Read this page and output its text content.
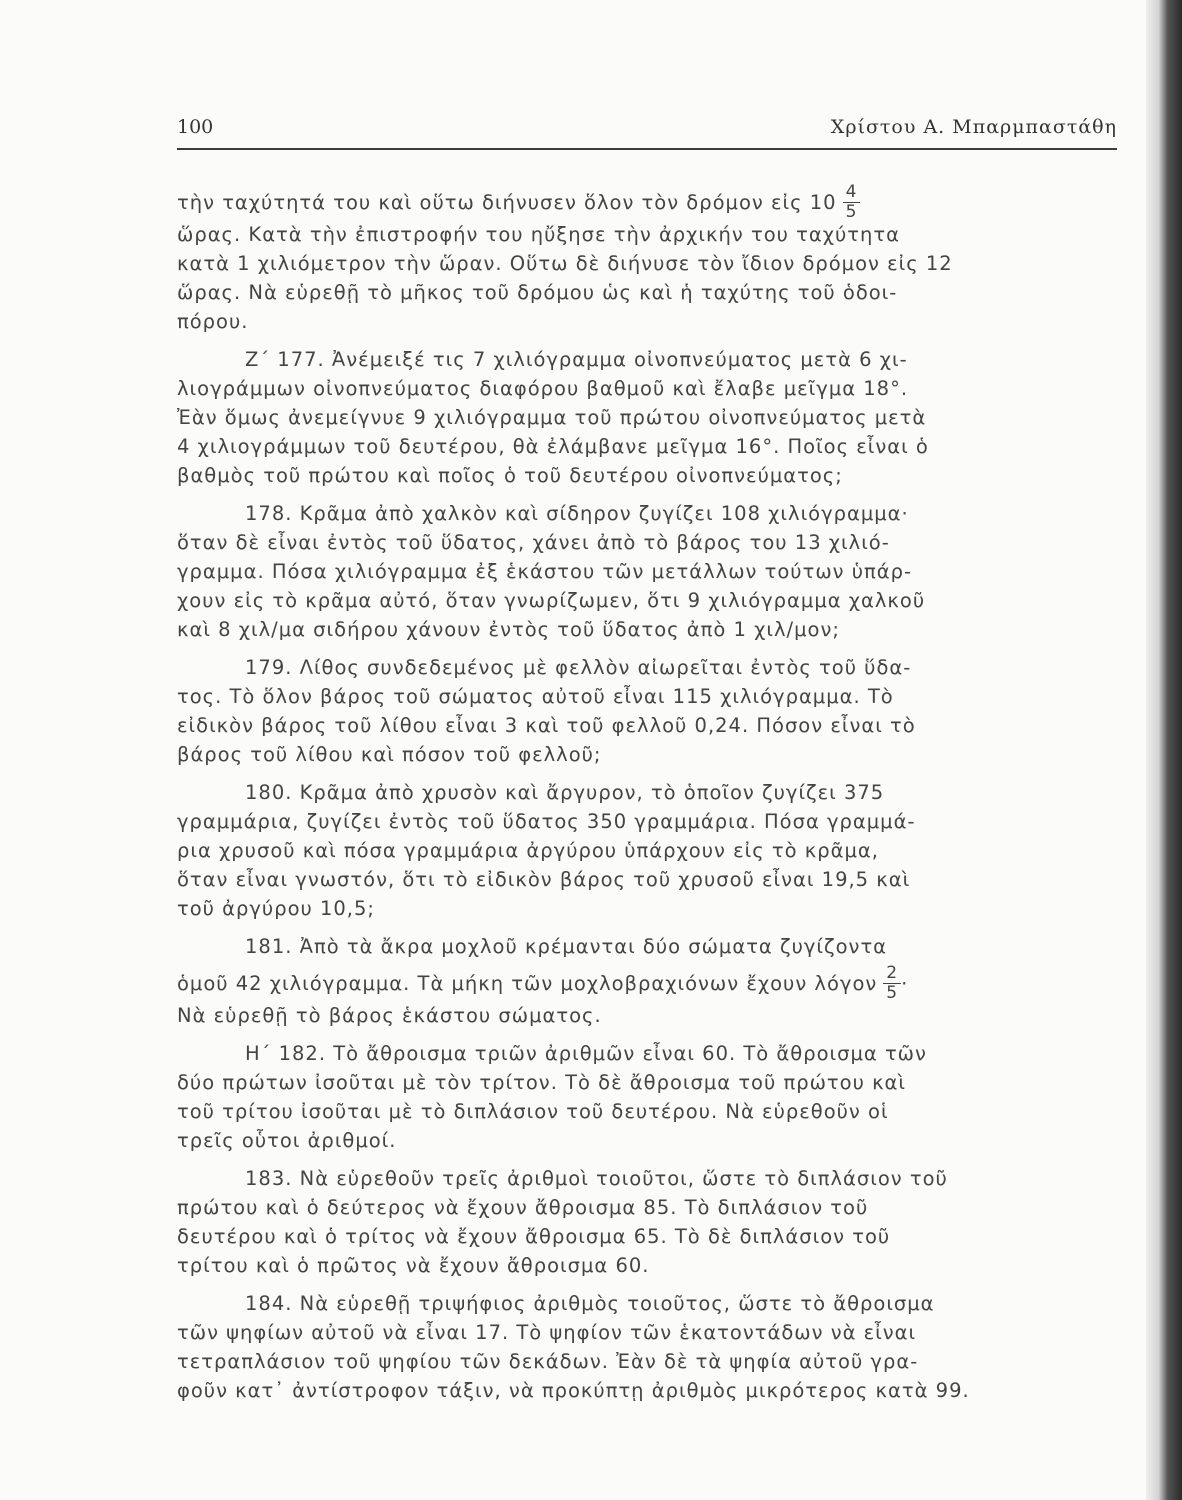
100	Χρίστου Α. Μπαρμπαστάθη
τὴν ταχύτητά του καὶ οὕτω διήνυσεν ὅλον τὸν δρόμον εἰς $10 \frac{4}{5}$
ὥρας. Κατὰ τὴν ἐπιστροφήν του ηὔξησε τὴν ἀρχικήν του ταχύτητα
κατὰ 1 χιλιόμετρον τὴν ὥραν. Οὕτω δὲ διήνυσε τὸν ἴδιον δρόμον εἰς 12
ὥρας. Νὰ εὑρεθῇ τὸ μῆκος τοῦ δρόμου ὡς καὶ ἡ ταχύτης τοῦ ὁδοι-
πόρου.
Ζ΄ 177. Ἀνέμειξέ τις 7 χιλιόγραμμα οἰνοπνεύματος μετὰ 6 χι-
λιογράμμων οἰνοπνεύματος διαφόρου βαθμοῦ καὶ ἔλαβε μεῖγμα 18°.
Ἐὰν ὅμως ἀνεμείγνυε 9 χιλιόγραμμα τοῦ πρώτου οἰνοπνεύματος μετὰ
4 χιλιογράμμων τοῦ δευτέρου, θὰ ἐλάμβανε μεῖγμα 16°. Ποῖος εἶναι ὁ
βαθμὸς τοῦ πρώτου καὶ ποῖος ὁ τοῦ δευτέρου οἰνοπνεύματος;
178. Κρᾶμα ἀπὸ χαλκὸν καὶ σίδηρον ζυγίζει 108 χιλιόγραμμα·
ὅταν δὲ εἶναι ἐντὸς τοῦ ὕδατος, χάνει ἀπὸ τὸ βάρος του 13 χιλιό-
γραμμα. Πόσα χιλιόγραμμα ἐξ ἑκάστου τῶν μετάλλων τούτων ὑπάρ-
χουν εἰς τὸ κρᾶμα αὐτό, ὅταν γνωρίζωμεν, ὅτι 9 χιλιόγραμμα χαλκοῦ
καὶ 8 χιλ/μα σιδήρου χάνουν ἐντὸς τοῦ ὕδατος ἀπὸ 1 χιλ/μον;
179. Λίθος συνδεδεμένος μὲ φελλὸν αἰωρεῖται ἐντὸς τοῦ ὕδα-
τος. Τὸ ὅλον βάρος τοῦ σώματος αὐτοῦ εἶναι 115 χιλιόγραμμα. Τὸ
εἰδικὸν βάρος τοῦ λίθου εἶναι 3 καὶ τοῦ φελλοῦ 0,24. Πόσον εἶναι τὸ
βάρος τοῦ λίθου καὶ πόσον τοῦ φελλοῦ;
180. Κρᾶμα ἀπὸ χρυσὸν καὶ ἄργυρον, τὸ ὁποῖον ζυγίζει 375
γραμμάρια, ζυγίζει ἐντὸς τοῦ ὕδατος 350 γραμμάρια. Πόσα γραμμά-
ρια χρυσοῦ καὶ πόσα γραμμάρια ἀργύρου ὑπάρχουν εἰς τὸ κρᾶμα,
ὅταν εἶναι γνωστόν, ὅτι τὸ εἰδικὸν βάρος τοῦ χρυσοῦ εἶναι 19,5 καὶ
τοῦ ἀργύρου 10,5;
181. Ἀπὸ τὰ ἄκρα μοχλοῦ κρέμανται δύο σώματα ζυγίζοντα
ὁμοῦ 42 χιλιόγραμμα. Τὰ μήκη τῶν μοχλοβραχιόνων ἔχουν λόγον $\frac{2}{5}$ ·
Νὰ εὑρεθῇ τὸ βάρος ἑκάστου σώματος.
Η΄ 182. Τὸ ἄθροισμα τριῶν ἀριθμῶν εἶναι 60. Τὸ ἄθροισμα τῶν
δύο πρώτων ἰσοῦται μὲ τὸν τρίτον. Τὸ δὲ ἄθροισμα τοῦ πρώτου καὶ
τοῦ τρίτου ἰσοῦται μὲ τὸ διπλάσιον τοῦ δευτέρου. Νὰ εὑρεθοῦν οἱ
τρεῖς οὗτοι ἀριθμοί.
183. Νὰ εὑρεθοῦν τρεῖς ἀριθμοὶ τοιοῦτοι, ὥστε τὸ διπλάσιον τοῦ
πρώτου καὶ ὁ δεύτερος νὰ ἔχουν ἄθροισμα 85. Τὸ διπλάσιον τοῦ
δευτέρου καὶ ὁ τρίτος νὰ ἔχουν ἄθροισμα 65. Τὸ δὲ διπλάσιον τοῦ
τρίτου καὶ ὁ πρῶτος νὰ ἔχουν ἄθροισμα 60.
184. Νὰ εὑρεθῇ τριψήφιος ἀριθμὸς τοιοῦτος, ὥστε τὸ ἄθροισμα
τῶν ψηφίων αὐτοῦ νὰ εἶναι 17. Τὸ ψηφίον τῶν ἑκατοντάδων νὰ εἶναι
τετραπλάσιον τοῦ ψηφίου τῶν δεκάδων. Ἐὰν δὲ τὰ ψηφία αὐτοῦ γρα-
φοῦν κατ᾿ ἀντίστροφον τάξιν, νὰ προκύπτῃ ἀριθμὸς μικρότερος κατὰ 99.
